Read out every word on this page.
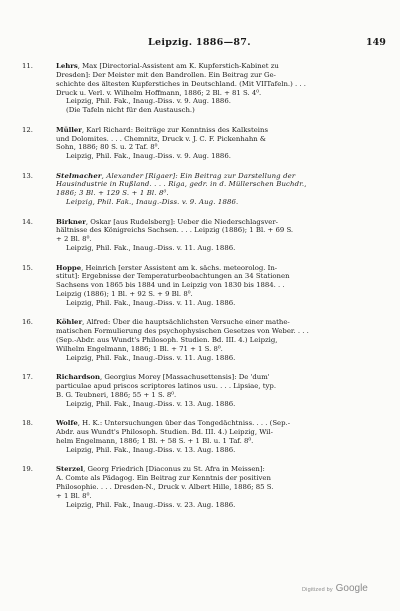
Leipzig. 1886—87.	149
11.	Lehrs, Max [Directorial-Assistent am K. Kupferstich-Kabinet zu
Dresden]: Der Meister mit den Bandrollen. Ein Beitrag zur Ge-
schichte des ältesten Kupferstiches in Deutschland. (Mit VIITafeln.) . . .
Druck u. Verl. v. Wilhelm Hoffmann, 1886; 2 Bl. + 81 S. 4⁰.
Leipzig, Phil. Fak., Inaug.-Diss. v. 9. Aug. 1886.
(Die Tafeln nicht für den Austausch.)
12.	Müller, Karl Richard: Beiträge zur Kenntniss des Kalksteins
und Dolomites. . . . Chemnitz, Druck v. J. C. F. Pickenhahn &
Sohn, 1886; 80 S. u. 2 Taf. 8⁰.
Leipzig, Phil. Fak., Inaug.-Diss. v. 9. Aug. 1886.
13.	Stelmacher, Alexander [Rigaer]: Ein Beitrag zur Darstellung der
Hausindustrie in Rußland. . . . Riga, gedr. in d. Müllerschen Buchdr.,
1886; 3 Bl. + 129 S. + 1 Bl. 8⁰.
Leipzig, Phil. Fak., Inaug.-Diss. v. 9. Aug. 1886.
14.	Birkner, Oskar [aus Rudelsberg]: Ueber die Niederschlagsver-
hältnisse des Königreichs Sachsen. . . . Leipzig (1886); 1 Bl. + 69 S.
+ 2 Bl. 8⁰.
Leipzig, Phil. Fak., Inaug.-Diss. v. 11. Aug. 1886.
15.	Hoppe, Heinrich [erster Assistent am k. sächs. meteorolog. In-
stitut]: Ergebnisse der Temperaturbeobachtungen an 34 Stationen
Sachsens von 1865 bis 1884 und in Leipzig von 1830 bis 1884. . .
Leipzig (1886); 1 Bl. + 92 S. + 9 Bl. 8⁰.
Leipzig, Phil. Fak., Inaug.-Diss. v. 11. Aug. 1886.
16.	Köhler, Alfred: Über die hauptsächlichsten Versuche einer mathe-
matischen Formulierung des psychophysischen Gesetzes von Weber. . . .
(Sep.-Abdr. aus Wundt's Philosoph. Studien. Bd. III. 4.) Leipzig,
Wilhelm Engelmann, 1886; 1 Bl. + 71 + 1 S. 8⁰.
Leipzig, Phil. Fak., Inaug.-Diss. v. 11. Aug. 1886.
17.	Richardson, Georgius Morey [Massachusettensis]: De 'dum'
particulae apud priscos scriptores latinos usu. . . . Lipsiae, typ.
B. G. Teubneri, 1886; 55 + 1 S. 8⁰.
Leipzig, Phil. Fak., Inaug.-Diss. v. 13. Aug. 1886.
18.	Wolfe, H. K.: Untersuchungen über das Tongedächtniss. . . . (Sep.-
Abdr. aus Wundt's Philosoph. Studien. Bd. III. 4.) Leipzig, Wil-
helm Engelmann, 1886; 1 Bl. + 58 S. + 1 Bl. u. 1 Taf. 8⁰.
Leipzig, Phil. Fak., Inaug.-Diss. v. 13. Aug. 1886.
19.	Sterzel, Georg Friedrich [Diaconus zu St. Afra in Meissen]:
A. Comte als Pädagog. Ein Beitrag zur Kenntnis der positiven
Philosophie. . . . Dresden-N., Druck v. Albert Hille, 1886; 85 S.
+ 1 Bl. 8⁰.
Leipzig, Phil. Fak., Inaug.-Diss. v. 23. Aug. 1886.
Digitized by Google
